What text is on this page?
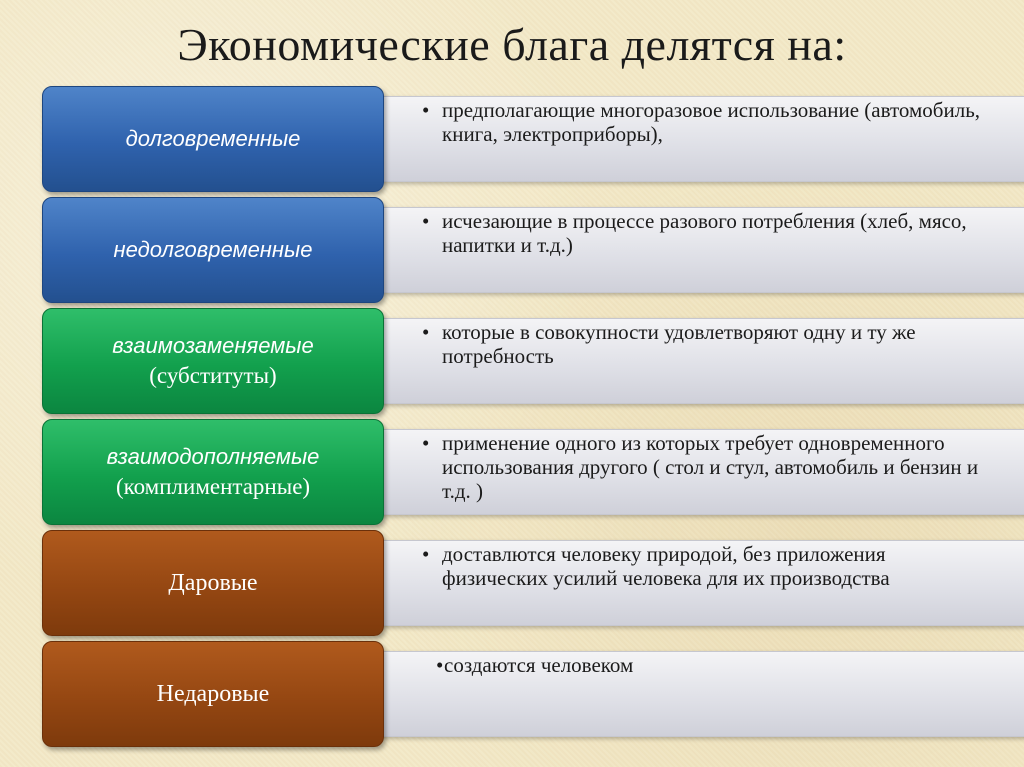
Экономические блага делятся на:
• предполагающие многоразовое использование (автомобиль, книга, электроприборы),
долговременные
• исчезающие в процессе разового потребления (хлеб, мясо, напитки и т.д.)
недолговременные
• которые в совокупности удовлетворяют одну и ту же потребность
взаимозаменяемые
(субституты)
• применение одного из которых требует одновременного использования другого ( стол и стул, автомобиль и бензин и т.д. )
взаимодополняемые
(комплиментарные)
• доставлются человеку природой, без приложения физических усилий человека для их производства
Даровые
• создаются человеком
Недаровые
